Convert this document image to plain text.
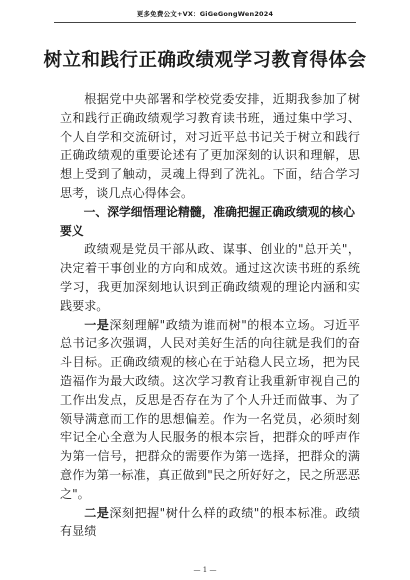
更多免费公文+VX：GiGeGongWen2024
树立和践行正确政绩观学习教育得体会

根据党中央部署和学校党委安排，近期我参加了树立和践行正确政绩观学习教育读书班，通过集中学习、个人自学和交流研讨，对习近平总书记关于树立和践行正确政绩观的重要论述有了更加深刻的认识和理解，思想上受到了触动，灵魂上得到了洗礼。下面，结合学习思考，谈几点心得体会。

一、深学细悟理论精髓，准确把握正确政绩观的核心要义

政绩观是党员干部从政、谋事、创业的"总开关"，决定着干事创业的方向和成效。通过这次读书班的系统学习，我更加深刻地认识到正确政绩观的理论内涵和实践要求。

一是深刻理解"政绩为谁而树"的根本立场。习近平总书记多次强调，人民对美好生活的向往就是我们的奋斗目标。正确政绩观的核心在于站稳人民立场，把为民造福作为最大政绩。这次学习教育让我重新审视自己的工作出发点，反思是否存在为了个人升迁而做事、为了领导满意而工作的思想偏差。作为一名党员，必须时刻牢记全心全意为人民服务的根本宗旨，把群众的呼声作为第一信号，把群众的需要作为第一选择，把群众的满意作为第一标准，真正做到"民之所好好之，民之所恶恶之"。

二是深刻把握"树什么样的政绩"的根本标准。政绩有显绩

— 1 —
